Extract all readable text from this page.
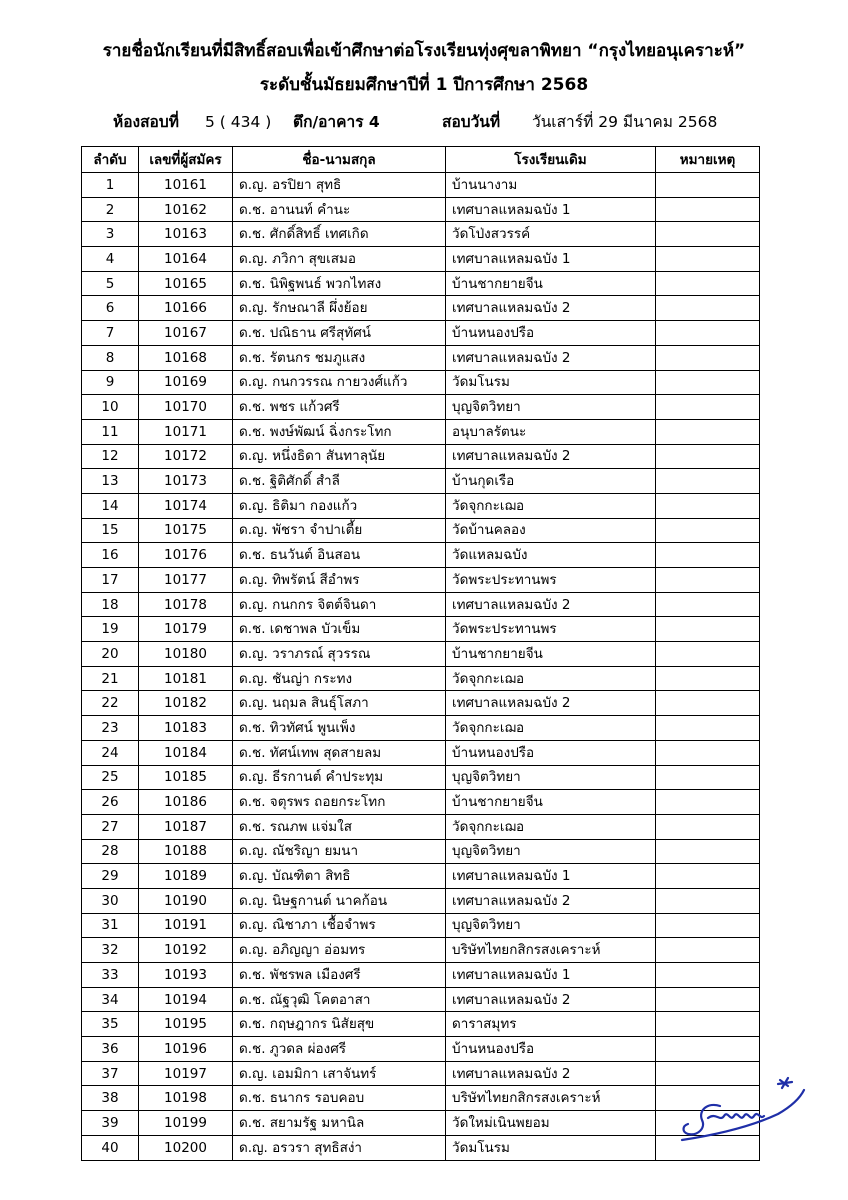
รายชื่อนักเรียนที่มีสิทธิ์สอบเพื่อเข้าศึกษาต่อโรงเรียนทุ่งศุขลาพิทยา “กรุงไทยอนุเคราะห์”
ระดับชั้นมัธยมศึกษาปีที่ 1 ปีการศึกษา 2568
ห้องสอบที่ 5 ( 434 ) ตึก/อาคาร 4	สอบวันที่ วันเสาร์ที่ 29 มีนาคม 2568
ลำดับ	เลขที่ผู้สมัคร	ชื่อ-นามสกุล	โรงเรียนเดิม	หมายเหตุ
1	10161	ด.ญ. อรปิยา สุทธิ	บ้านนางาม	
2	10162	ด.ช. อานนท์ คำนะ	เทศบาลแหลมฉบัง 1	
3	10163	ด.ช. ศักดิ์สิทธิ์ เทศเกิด	วัดโป่งสวรรค์	
4	10164	ด.ญ. ภวิกา สุขเสมอ	เทศบาลแหลมฉบัง 1	
5	10165	ด.ช. นิพิฐพนธ์ พวกไทสง	บ้านชากยายจีน	
6	10166	ด.ญ. รักษณาลี ผึ่งย้อย	เทศบาลแหลมฉบัง 2	
7	10167	ด.ช. ปณิธาน ศรีสุทัศน์	บ้านหนองปรือ	
8	10168	ด.ช. รัตนกร ชมภูแสง	เทศบาลแหลมฉบัง 2	
9	10169	ด.ญ. กนกวรรณ กายวงศ์แก้ว	วัดมโนรม	
10	10170	ด.ช. พชร แก้วศรี	บุญจิตวิทยา	
11	10171	ด.ช. พงษ์พัฒน์ ฉิ่งกระโทก	อนุบาลรัตนะ	
12	10172	ด.ญ. หนึ่งธิดา สันทาลุนัย	เทศบาลแหลมฉบัง 2	
13	10173	ด.ช. ฐิติศักดิ์ สำลี	บ้านกุดเรือ	
14	10174	ด.ญ. ธิติมา กองแก้ว	วัดจุกกะเฌอ	
15	10175	ด.ญ. พัชรา จำปาเตี้ย	วัดบ้านคลอง	
16	10176	ด.ช. ธนวันต์ อินสอน	วัดแหลมฉบัง	
17	10177	ด.ญ. ทิพรัตน์ สีอำพร	วัดพระประทานพร	
18	10178	ด.ญ. กนกกร จิตต์จินดา	เทศบาลแหลมฉบัง 2	
19	10179	ด.ช. เดชาพล บัวเข็ม	วัดพระประทานพร	
20	10180	ด.ญ. วราภรณ์ สุวรรณ	บ้านชากยายจีน	
21	10181	ด.ญ. ชันญ่า กระทง	วัดจุกกะเฌอ	
22	10182	ด.ญ. นฤมล สินธุ์โสภา	เทศบาลแหลมฉบัง 2	
23	10183	ด.ช. ทิวทัศน์ พูนเพ็ง	วัดจุกกะเฌอ	
24	10184	ด.ช. ทัศน์เทพ สุดสายลม	บ้านหนองปรือ	
25	10185	ด.ญ. ธีรกานต์ คำประทุม	บุญจิตวิทยา	
26	10186	ด.ช. จตุรพร ถอยกระโทก	บ้านชากยายจีน	
27	10187	ด.ช. รณภพ แจ่มใส	วัดจุกกะเฌอ	
28	10188	ด.ญ. ณัชริญา ยมนา	บุญจิตวิทยา	
29	10189	ด.ญ. บัณฑิตา สิทธิ	เทศบาลแหลมฉบัง 1	
30	10190	ด.ญ. นิษฐกานต์ นาคก้อน	เทศบาลแหลมฉบัง 2	
31	10191	ด.ญ. ณิชาภา เชื้อจำพร	บุญจิตวิทยา	
32	10192	ด.ญ. อภิญญา อ่อมทร	บริษัทไทยกสิกรสงเคราะห์	
33	10193	ด.ช. พัชรพล เมืองศรี	เทศบาลแหลมฉบัง 1	
34	10194	ด.ช. ณัฐวุฒิ โคตอาสา	เทศบาลแหลมฉบัง 2	
35	10195	ด.ช. กฤษฎากร นิสัยสุข	ดาราสมุทร	
36	10196	ด.ช. ภูวดล ผ่องศรี	บ้านหนองปรือ	
37	10197	ด.ญ. เอมมิกา เสาจันทร์	เทศบาลแหลมฉบัง 2	
38	10198	ด.ช. ธนากร รอบคอบ	บริษัทไทยกสิกรสงเคราะห์	
39	10199	ด.ช. สยามรัฐ มหานิล	วัดใหม่เนินพยอม	
40	10200	ด.ญ. อรวรา สุทธิสง่า	วัดมโนรม	
